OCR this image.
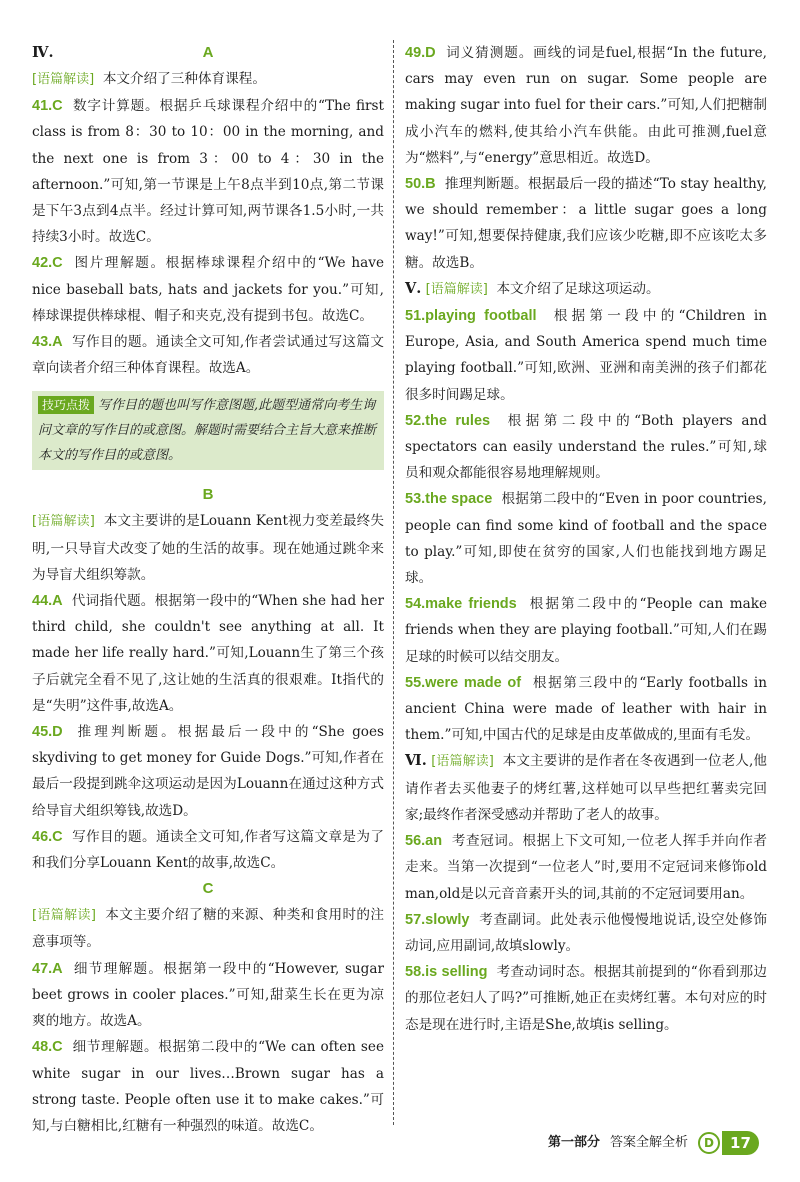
Ⅳ.	A

[语篇解读] 本文介绍了三种体育课程。

41.C 数字计算题。根据乒乓球课程介绍中的“The first class is from 8：30 to 10：00 in the morning, and the next one is from 3：00 to 4：30 in the afternoon.”可知,第一节课是上午8点半到10点,第二节课是下午3点到4点半。经过计算可知,两节课各1.5小时,一共持续3小时。故选C。

42.C 图片理解题。根据棒球课程介绍中的“We have nice baseball bats, hats and jackets for you.”可知,棒球课提供棒球棍、帽子和夹克,没有提到书包。故选C。

43.A 写作目的题。通读全文可知,作者尝试通过写这篇文章向读者介绍三种体育课程。故选A。

技巧点拨 写作目的题也叫写作意图题,此题型通常向考生询问文章的写作目的或意图。解题时需要结合主旨大意来推断本文的写作目的或意图。
B

[语篇解读] 本文主要讲的是Louann Kent视力变差最终失明,一只导盲犬改变了她的生活的故事。现在她通过跳伞来为导盲犬组织筹款。

44.A 代词指代题。根据第一段中的“When she had her third child, she couldn't see anything at all. It made her life really hard.”可知,Louann生了第三个孩子后就完全看不见了,这让她的生活真的很艰难。It指代的是“失明”这件事,故选A。

45.D 推理判断题。根据最后一段中的“She goes skydiving to get money for Guide Dogs.”可知,作者在最后一段提到跳伞这项运动是因为Louann在通过这种方式给导盲犬组织筹钱,故选D。

46.C 写作目的题。通读全文可知,作者写这篇文章是为了和我们分享Louann Kent的故事,故选C。

C

[语篇解读] 本文主要介绍了糖的来源、种类和食用时的注意事项等。

47.A 细节理解题。根据第一段中的“However, sugar beet grows in cooler places.”可知,甜菜生长在更为凉爽的地方。故选A。

48.C 细节理解题。根据第二段中的“We can often see white sugar in our lives…Brown sugar has a strong taste. People often use it to make cakes.”可知,与白糖相比,红糖有一种强烈的味道。故选C。

49.D 词义猜测题。画线的词是fuel,根据“In the future, cars may even run on sugar. Some people are making sugar into fuel for their cars.”可知,人们把糖制成小汽车的燃料,使其给小汽车供能。由此可推测,fuel意为“燃料”,与“energy”意思相近。故选D。

50.B 推理判断题。根据最后一段的描述“To stay healthy, we should remember：a little sugar goes a long way!”可知,想要保持健康,我们应该少吃糖,即不应该吃太多糖。故选B。

Ⅴ. [语篇解读] 本文介绍了足球这项运动。

51.playing football 根据第一段中的“Children in Europe, Asia, and South America spend much time playing football.”可知,欧洲、亚洲和南美洲的孩子们都花很多时间踢足球。

52.the rules 根据第二段中的“Both players and spectators can easily understand the rules.”可知,球员和观众都能很容易地理解规则。

53.the space 根据第二段中的“Even in poor countries, people can find some kind of football and the space to play.”可知,即使在贫穷的国家,人们也能找到地方踢足球。

54.make friends 根据第二段中的“People can make friends when they are playing football.”可知,人们在踢足球的时候可以结交朋友。

55.were made of 根据第三段中的“Early footballs in ancient China were made of leather with hair in them.”可知,中国古代的足球是由皮革做成的,里面有毛发。

Ⅵ. [语篇解读] 本文主要讲的是作者在冬夜遇到一位老人,他请作者去买他妻子的烤红薯,这样她可以早些把红薯卖完回家;最终作者深受感动并帮助了老人的故事。

56.an 考查冠词。根据上下文可知,一位老人挥手并向作者走来。当第一次提到“一位老人”时,要用不定冠词来修饰old man,old是以元音音素开头的词,其前的不定冠词要用an。

57.slowly 考查副词。此处表示他慢慢地说话,设空处修饰动词,应用副词,故填slowly。

58.is selling 考查动词时态。根据其前提到的“你看到那边的那位老妇人了吗?”可推断,她正在卖烤红薯。本句对应的时态是现在进行时,主语是She,故填is selling。

第一部分 答案全解全析	D	17
